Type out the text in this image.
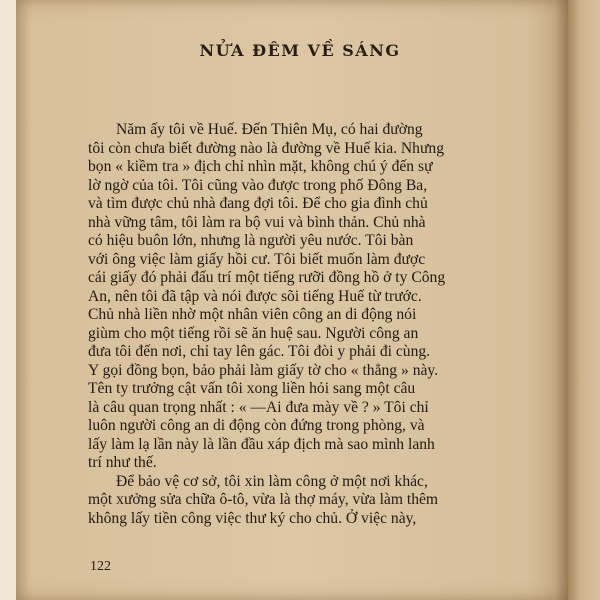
NỬA ĐÊM VỀ SÁNG
Năm ấy tôi về Huế. Đến Thiên Mụ, có hai đường
tôi còn chưa biết đường nào là đường về Huế kia. Nhưng
bọn « kiềm tra » địch chỉ nhìn mặt, không chú ý đến sự
lờ ngờ của tôi. Tôi cũng vào được trong phố Đông Ba,
và tìm được chủ nhà đang đợi tôi. Để cho gia đình chủ
nhà vững tâm, tôi làm ra bộ vui và bình thản. Chủ nhà
có hiệu buôn lớn, nhưng là người yêu nước. Tôi bàn
với ông việc làm giấy hồi cư. Tôi biết muốn làm được
cái giấy đó phải đấu trí một tiếng rưỡi đồng hồ ở ty Công
An, nên tôi đã tập và nói được sõi tiếng Huế từ trước.
Chủ nhà liền nhờ một nhân viên công an di động nói
giùm cho một tiếng rồi sẽ ăn huệ sau. Người công an
đưa tôi đến nơi, chỉ tay lên gác. Tôi đòi y phải đi cùng.
Y gọi đồng bọn, bảo phải làm giấy tờ cho « thẳng » này.
Tên ty trưởng cật vấn tôi xong liền hỏi sang một câu
là câu quan trọng nhất : « —Ai đưa mày về ? » Tôi chỉ
luôn người công an di động còn đứng trong phòng, và
lấy làm lạ lần này là lần đầu xáp địch mà sao mình lanh
trí như thế.
Để bảo vệ cơ sở, tôi xin làm công ở một nơi khác,
một xưởng sửa chữa ô-tô, vừa là thợ máy, vừa làm thêm
không lấy tiền công việc thư ký cho chủ. Ở việc này,
122
